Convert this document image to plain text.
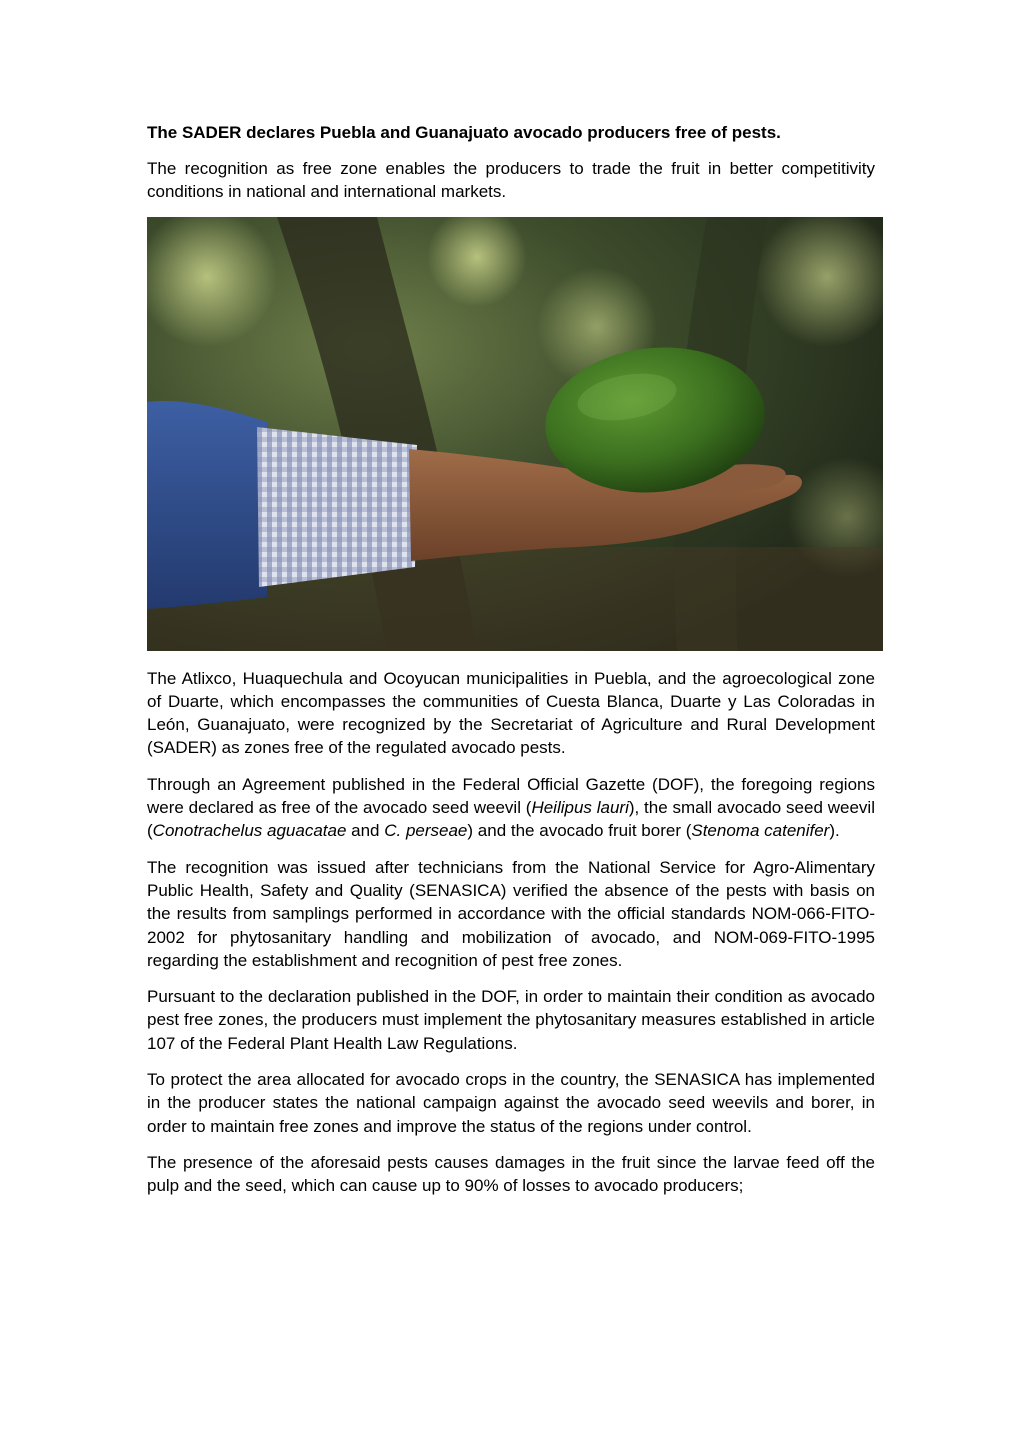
The SADER declares Puebla and Guanajuato avocado producers free of pests.

The recognition as free zone enables the producers to trade the fruit in better competitivity conditions in national and international markets.

The Atlixco, Huaquechula and Ocoyucan municipalities in Puebla, and the agroecological zone of Duarte, which encompasses the communities of Cuesta Blanca, Duarte y Las Coloradas in León, Guanajuato, were recognized by the Secretariat of Agriculture and Rural Development (SADER) as zones free of the regulated avocado pests.

Through an Agreement published in the Federal Official Gazette (DOF), the foregoing regions were declared as free of the avocado seed weevil (Heilipus lauri), the small avocado seed weevil (Conotrachelus aguacatae and C. perseae) and the avocado fruit borer (Stenoma catenifer).

The recognition was issued after technicians from the National Service for Agro-Alimentary Public Health, Safety and Quality (SENASICA) verified the absence of the pests with basis on the results from samplings performed in accordance with the official standards NOM-066-FITO-2002 for phytosanitary handling and mobilization of avocado, and NOM-069-FITO-1995 regarding the establishment and recognition of pest free zones.

Pursuant to the declaration published in the DOF, in order to maintain their condition as avocado pest free zones, the producers must implement the phytosanitary measures established in article 107 of the Federal Plant Health Law Regulations.

To protect the area allocated for avocado crops in the country, the SENASICA has implemented in the producer states the national campaign against the avocado seed weevils and borer, in order to maintain free zones and improve the status of the regions under control.

The presence of the aforesaid pests causes damages in the fruit since the larvae feed off the pulp and the seed, which can cause up to 90% of losses to avocado producers;
